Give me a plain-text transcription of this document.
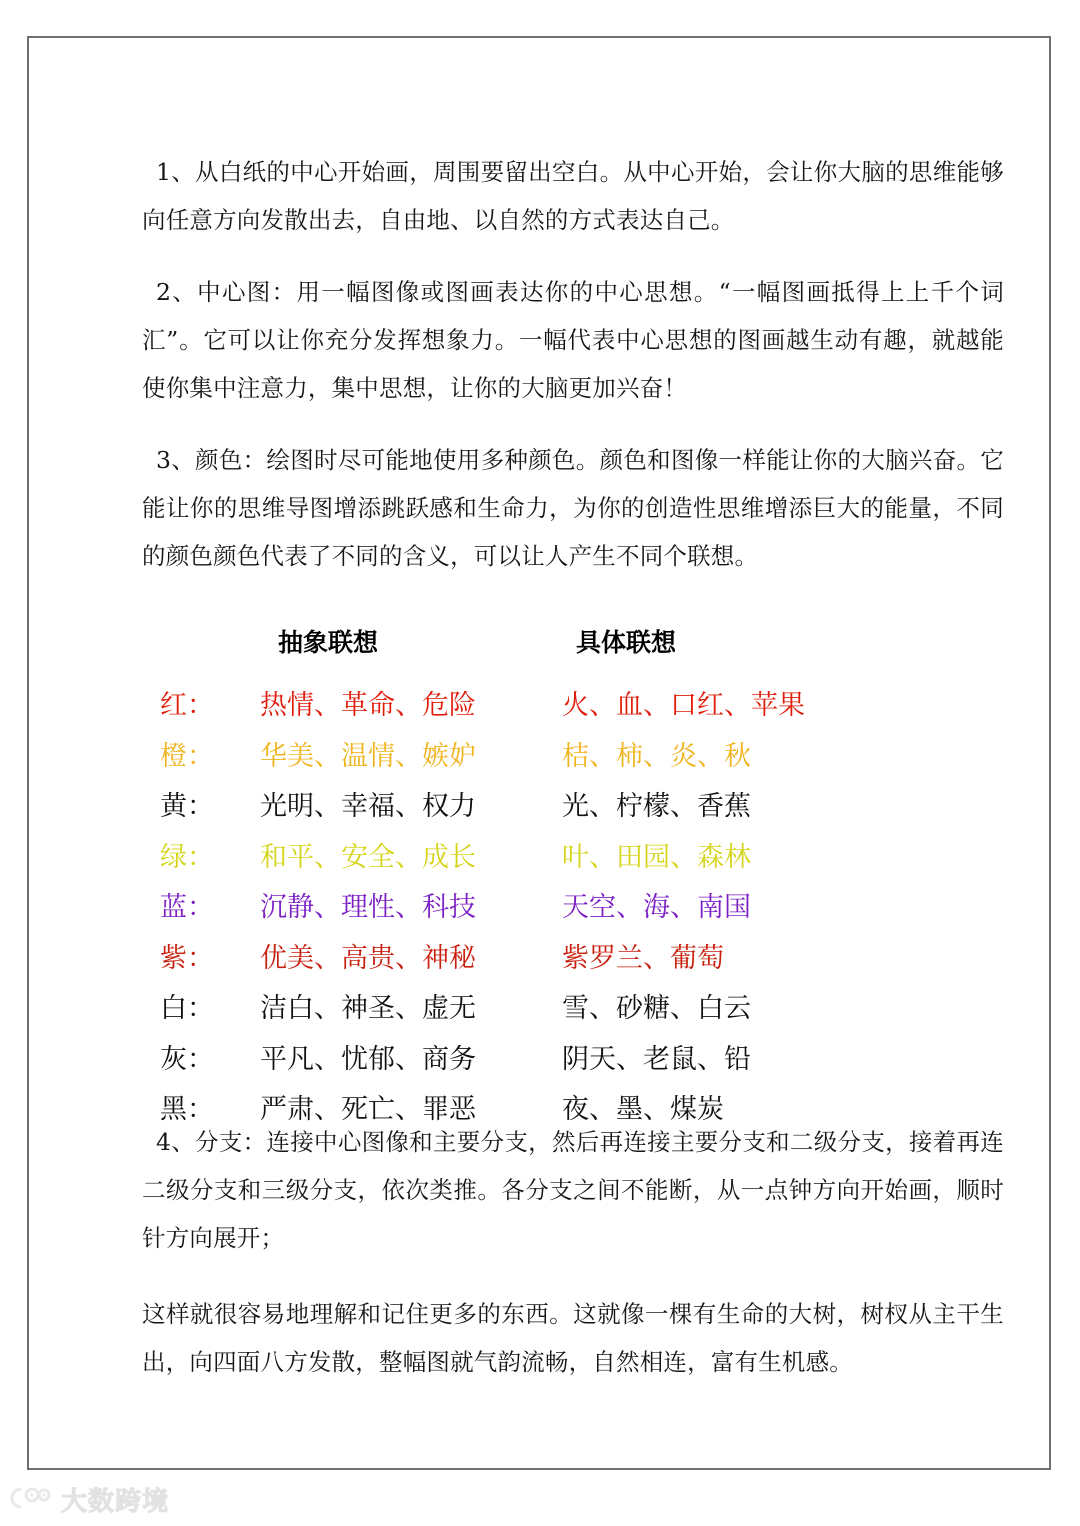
1、从白纸的中心开始画，周围要留出空白。从中心开始，会让你大脑的思维能够向任意方向发散出去，自由地、以自然的方式表达自己。

2、中心图：用一幅图像或图画表达你的中心思想。“一幅图画抵得上上千个词汇”。它可以让你充分发挥想象力。一幅代表中心思想的图画越生动有趣，就越能使你集中注意力，集中思想，让你的大脑更加兴奋！

3、颜色：绘图时尽可能地使用多种颜色。颜色和图像一样能让你的大脑兴奋。它能让你的思维导图增添跳跃感和生命力，为你的创造性思维增添巨大的能量，不同的颜色颜色代表了不同的含义，可以让人产生不同个联想。

抽象联想	具体联想
红：	热情、革命、危险	火、血、口红、苹果
橙：	华美、温情、嫉妒	桔、柿、炎、秋
黄：	光明、幸福、权力	光、柠檬、香蕉
绿：	和平、安全、成长	叶、田园、森林
蓝：	沉静、理性、科技	天空、海、南国
紫：	优美、高贵、神秘	紫罗兰、葡萄
白：	洁白、神圣、虚无	雪、砂糖、白云
灰：	平凡、忧郁、商务	阴天、老鼠、铅
黑：	严肃、死亡、罪恶	夜、墨、煤炭

4、分支：连接中心图像和主要分支，然后再连接主要分支和二级分支，接着再连二级分支和三级分支，依次类推。各分支之间不能断，从一点钟方向开始画，顺时针方向展开；

这样就很容易地理解和记住更多的东西。这就像一棵有生命的大树，树杈从主干生出，向四面八方发散，整幅图就气韵流畅，自然相连，富有生机感。

大数跨境
